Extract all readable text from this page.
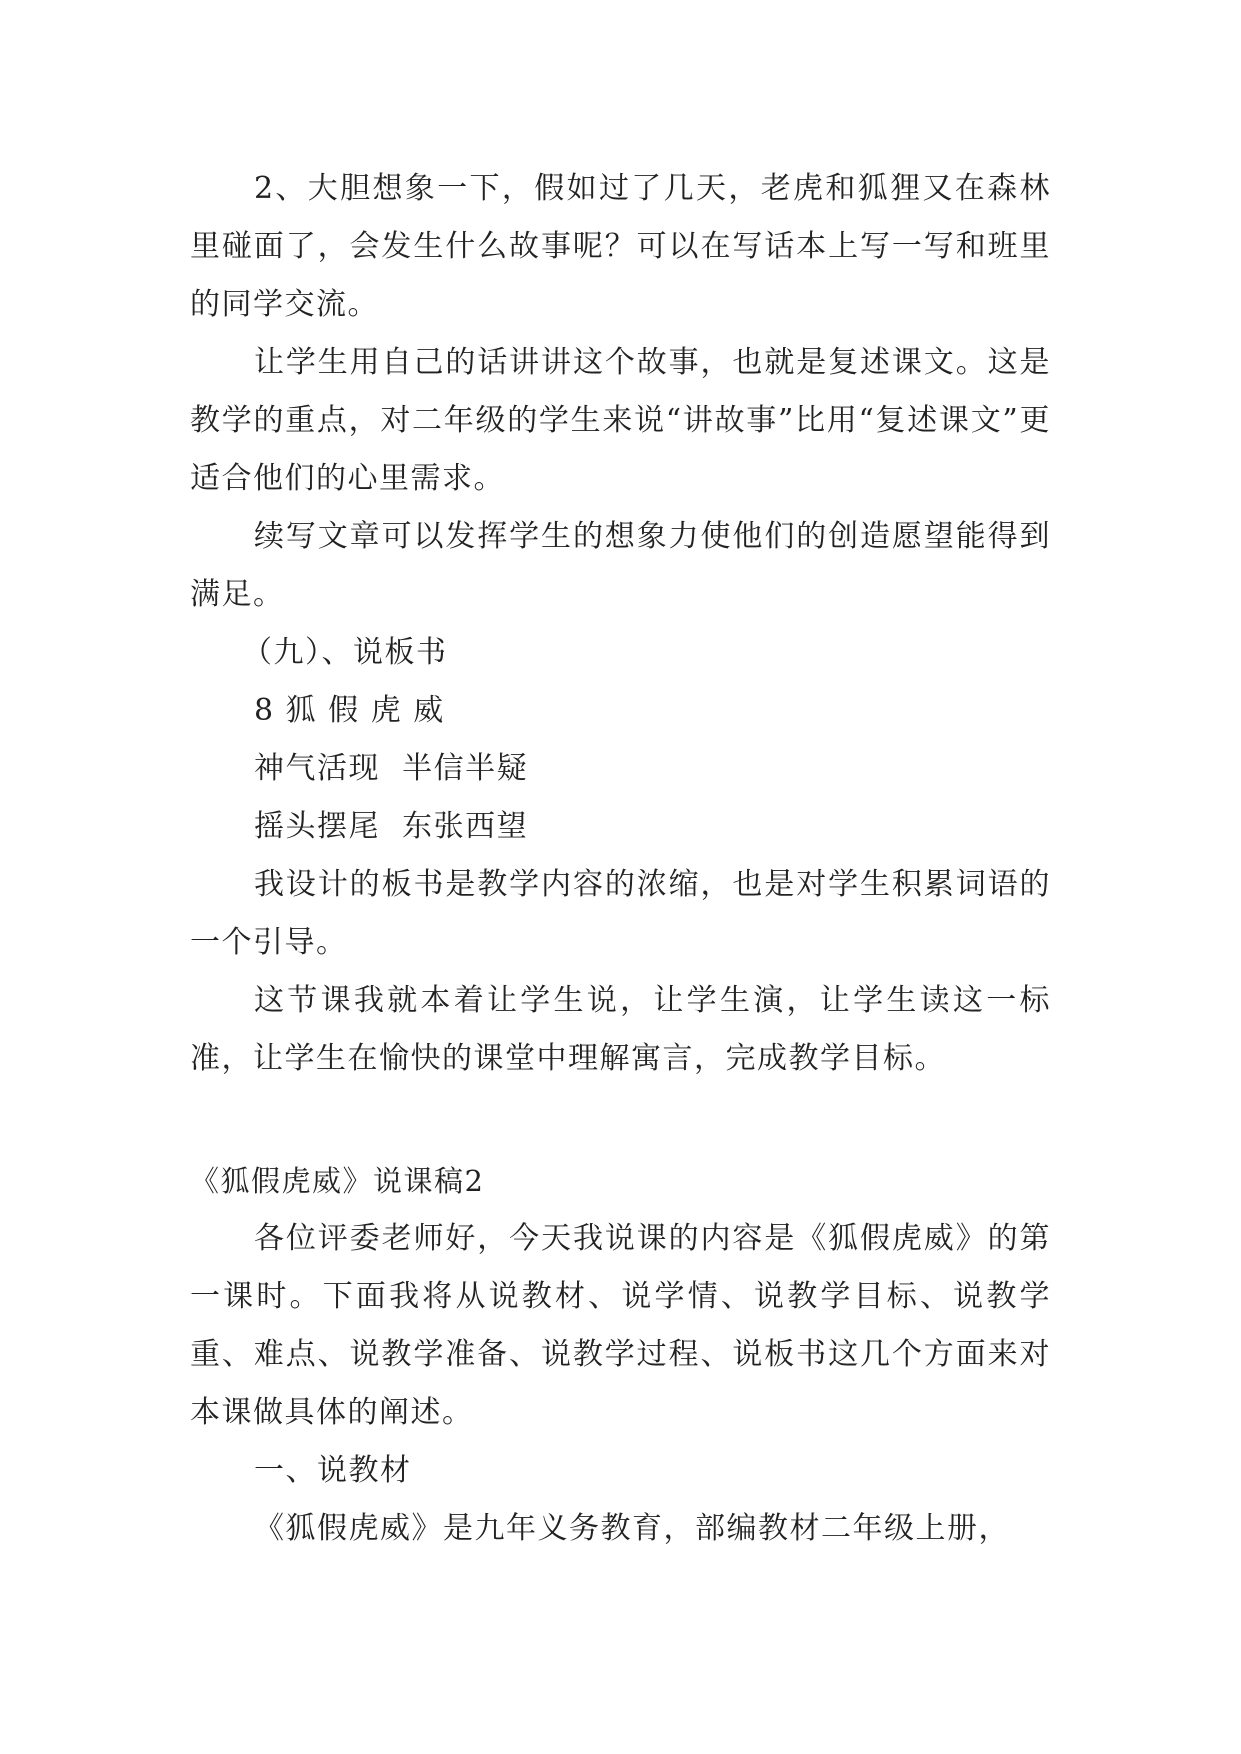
2、大胆想象一下，假如过了几天，老虎和狐狸又在森林里碰面了，会发生什么故事呢？可以在写话本上写一写和班里的同学交流。

让学生用自己的话讲讲这个故事，也就是复述课文。这是教学的重点，对二年级的学生来说“讲故事”比用“复述课文”更适合他们的心里需求。

续写文章可以发挥学生的想象力使他们的创造愿望能得到满足。

（九）、说板书

8 狐 假 虎 威

神气活现  半信半疑

摇头摆尾  东张西望

我设计的板书是教学内容的浓缩，也是对学生积累词语的一个引导。

这节课我就本着让学生说，让学生演，让学生读这一标准，让学生在愉快的课堂中理解寓言，完成教学目标。

《狐假虎威》说课稿2

各位评委老师好，今天我说课的内容是《狐假虎威》的第一课时。下面我将从说教材、说学情、说教学目标、说教学重、难点、说教学准备、说教学过程、说板书这几个方面来对本课做具体的阐述。

一、说教材

《狐假虎威》是九年义务教育，部编教材二年级上册，
